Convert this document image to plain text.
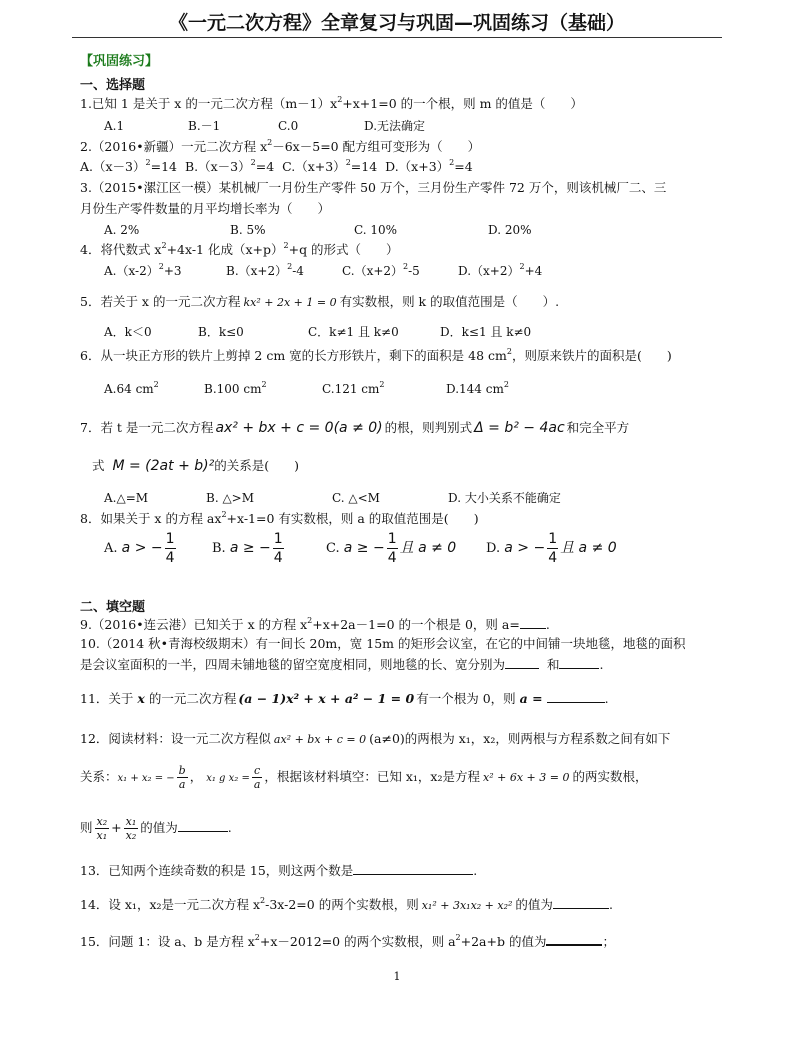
《一元二次方程》全章复习与巩固—巩固练习（基础）
【巩固练习】
一、选择题
1.已知 1 是关于 x 的一元二次方程$(m-1)x^2+x+1=0$ 的一个根，则 m 的值是（　　）
A.1	B.－1	C.0	D.无法确定
2.（2016•新疆）一元二次方程 $x^2-6x-5=0$ 配方组可变形为（　　）
$A.(x-3)^2=14$ $B.(x-3)^2=4$ $C.(x+3)^2=14$ $D.(x+3)^2=4$
3.（2015•漯江区一模）某机械厂一月份生产零件 50 万个，三月份生产零件 72 万个，则该机械厂二、三
月份生产零件数量的月平均增长率为（　　）
A. 2%	B. 5%	C. 10%	D. 20%
4．将代数式 $x^2+4x-1$ 化成$(x+p)^2+q$ 的形式（　　）
$A.(x-2)^2+3$	$B.(x+2)^2-4$	$C.(x+2)^2-5$	$D.(x+2)^2+4$
5．若关于 x 的一元二次方程 kx² + 2x + 1 = 0 有实数根，则 k 的取值范围是（　　）.
A．k＜0	B．k≤0	C．k≠1 且 k≠0	D．k≤1 且 k≠0
6．从一块正方形的铁片上剪掉 2 cm 宽的长方形铁片，剩下的面积是 48 $cm^2$，则原来铁片的面积是(　　)
A.64 $cm^2$	B.100 $cm^2$	C.121 $cm^2$	D.144 $cm^2$
7．若 t 是一元二次方程 ax² + bx + c = 0(a ≠ 0) 的根，则判别式 Δ = b² − 4ac 和完全平方
式 M = (2at + b)²的关系是(　　)
A.△=M	B. △>M	C. △<M	D. 大小关系不能确定
8．如果关于 x 的方程 $ax^2+x-1=0$ 有实数根，则 a 的取值范围是(　　)
A. a > − $\frac{1}{4}$	B. a ≥ − $\frac{1}{4}$	C. a ≥ − $\frac{1}{4}$ 且 a ≠ 0 D. a > − $\frac{1}{4}$ 且 a ≠ 0
二、填空题
9.（2016•连云港）已知关于 x 的方程 $x^2+x+2a-1=0$ 的一个根是 0，则 a= .
10.（2014 秋•青海校级期末）有一间长 20m，宽 15m 的矩形会议室，在它的中间铺一块地毯，地毯的面积
是会议室面积的一半，四周未铺地毯的留空宽度相同，则地毯的长、宽分别为	和	.
11．关于 x 的一元二次方程 (a − 1)x² + x + a² − 1 = 0 有一个根为 0，则 a =	.
12．阅读材料：设一元二次方程似 ax² + bx + c = 0 (a≠0)的两根为 x₁，x₂，则两根与方程系数之间有如下
关系：x₁ + x₂ = − $\frac{b}{a}$ ， x₁ g $x_2 = \frac{c}{a}$ ，根据该材料填空：已知 x₁，x₂是方程 x² + 6x + 3 = 0 的两实数根，
则 $\frac{\text{x₂}}{\text{x₁}} + \frac{\text{x₁}}{\text{x₂}}$ 的值为	.
13．已知两个连续奇数的积是 15，则这两个数是	.
14．设 x₁，x₂是一元二次方程 $x^2-3x-2=0$ 的两个实数根，则 x₁² + 3x₁x₂ + x₂² 的值为	.
15．问题 1：设 a、b 是方程 $x^2+x-2012=0$ 的两个实数根，则 $a^2+2a+b$ 的值为	；
1
